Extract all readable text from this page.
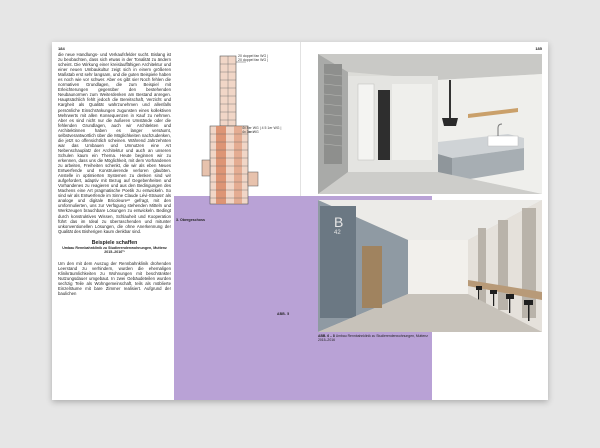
184	185

die neue Handlungs- und Verkaufsfelder sucht. Bislang ist zu beobachten, dass sich etwas in der Tonalität zu ändern scheint. Die Wirkung einer kreislauffähigen Architektur und einer neuen Umbaukultur zeigt sich in einem größeren Maßstab erst sehr langsam, und die guten Beispiele haben es noch wie vor schwer. Aber es gibt sie! Noch fehlen die normativen Grundlagen, die zum Beispiel mit Erleichterungen gegenüber den bestehenden Neubaunormen zum Weiterdenken am Bestand anregen. Hauptsächlich fehlt jedoch die Bereitschaft, Verzicht und Kargheit als Qualität wahrzunehmen und allenfalls persönliche Einschränkungen zugunsten eines kollektiven Mehrwerts mit allen Konsequenzen in Kauf zu nehmen. Aber es sind nicht nur die äußeren Umstände oder die fehlenden Grundlagen, auch wir Architekten und Architektinnen haben es langer versäumt, selbstverantwortlich über die Möglichkeiten nachzudenken, die jetzt so offensichtlich scheinen. Während Jahrzehnten war das Umbauen und Umnutzen eine Art Nebenschauplatz der Architektur und auch an unseren Schulen kaum ein Thema. Heute beginnen wir zu erkennen, dass uns die Möglichkeit, mit dem Vorhandenen zu arbeiten, Freiheiten schenkt, die wir als eben Neues Entwerfende und Konstruierende verloren glaubten. Anstelle in optimierten Systemen zu denken sind wir aufgefordert, adaptiv mit Bezug auf Gegebenheiten und Vorhandenes zu reagieren und aus den Bedingungen des Machens eine Art pragmatische Poetik zu entwickeln. So sind wir als Entwerfende im Sinne Claude Lévi-Strauss' als analoge und digitale Bricoleure²² gefragt, mit den umformulierten, uns zur Verfügung stehenden Mitteln und Werkzeugen brauchbare Lösungen zu entwickeln. Bedingt durch konstruktives Wissen, Schlauheit und Kooperation führt das im Ideal zu überraschenden und mitunter unkonventionellen Lösungen, die ohne Anerkennung der Qualität des Bisherigen kaum denkbar sind.

Beispiele schaffen

Umbau Rennbahnklinik zu Studierendenwohnungen, Muttenz 2015–2016²³

Um den mit dem Auszug der Rennbahnklinik drohenden Leerstand zu verhindern, wurden die ehemaligen Klinikräumlichkeiten zu Wohnungen mit beschränkter Nutzungsdauer umgebaut. In zwei Gebäudeteilen wurden sechzig Teile als Wohngemeinschaft, teils als möblierte Einzelräume mit bare Zimmer realisiert. Aufgrund der baulichen

20 doppel fan WG |
20 doppel fan WG |
4x 4er WG | 4 5 1er WG |
4x 3er WG
3. Obergeschoss
ABB. 5
B
42
ABB. 6 – 8 Umbau Rennbahnklinik zu Studierendenwohnungen, Muttenz 2015–2016
